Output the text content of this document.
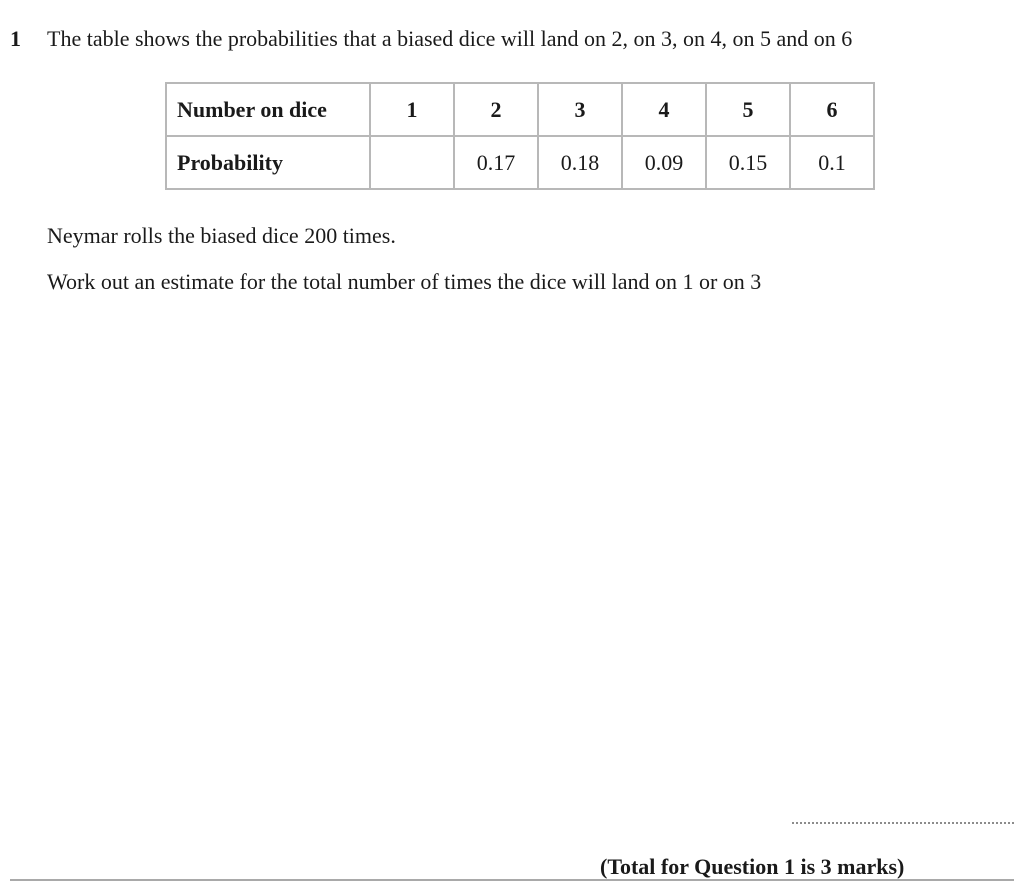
1 The table shows the probabilities that a biased dice will land on 2, on 3, on 4, on 5 and on 6
Number on dice	1	2	3	4	5	6
Probability		0.17	0.18	0.09	0.15	0.1
Neymar rolls the biased dice 200 times.
Work out an estimate for the total number of times the dice will land on 1 or on 3
(Total for Question 1 is 3 marks)
